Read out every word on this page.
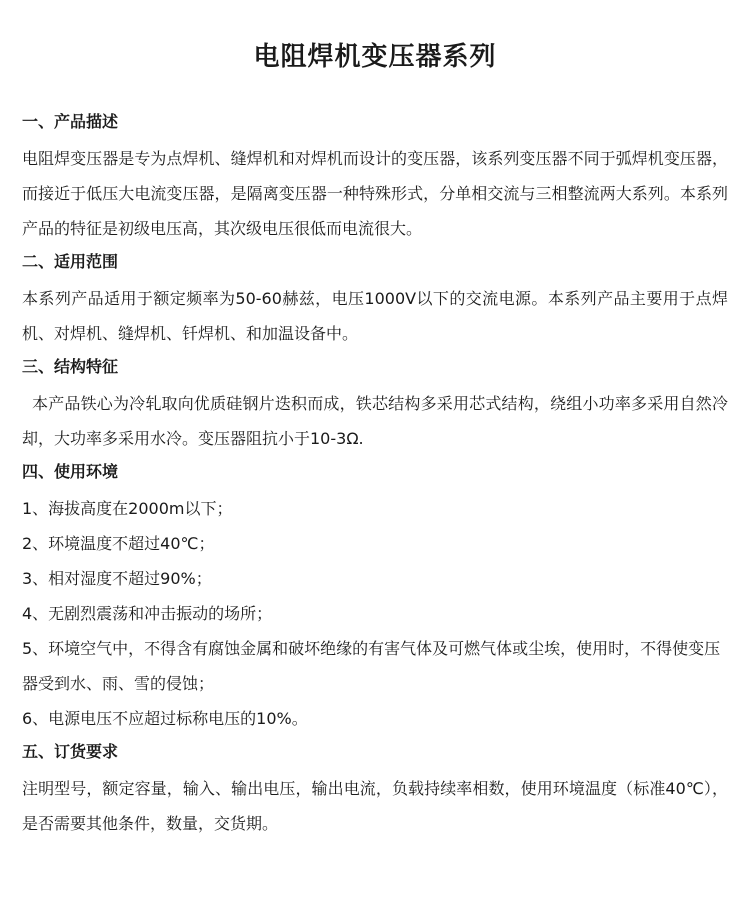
电阻焊机变压器系列
一、产品描述

电阻焊变压器是专为点焊机、缝焊机和对焊机而设计的变压器，该系列变压器不同于弧焊机变压器，而接近于低压大电流变压器，是隔离变压器一种特殊形式，分单相交流与三相整流两大系列。本系列产品的特征是初级电压高，其次级电压很低而电流很大。

二、适用范围

本系列产品适用于额定频率为50-60赫兹，电压1000V以下的交流电源。本系列产品主要用于点焊机、对焊机、缝焊机、钎焊机、和加温设备中。

三、结构特征

本产品铁心为冷轧取向优质硅钢片迭积而成，铁芯结构多采用芯式结构，绕组小功率多采用自然冷却，大功率多采用水冷。变压器阻抗小于10-3Ω.

四、使用环境
1、海拔高度在2000m以下；
2、环境温度不超过40℃；
3、相对湿度不超过90%；
4、无剧烈震荡和冲击振动的场所；
5、环境空气中，不得含有腐蚀金属和破坏绝缘的有害气体及可燃气体或尘埃，使用时，不得使变压器受到水、雨、雪的侵蚀；
6、电源电压不应超过标称电压的10%。
五、订货要求

注明型号，额定容量，输入、输出电压，输出电流，负载持续率相数，使用环境温度（标准40℃），是否需要其他条件，数量，交货期。
